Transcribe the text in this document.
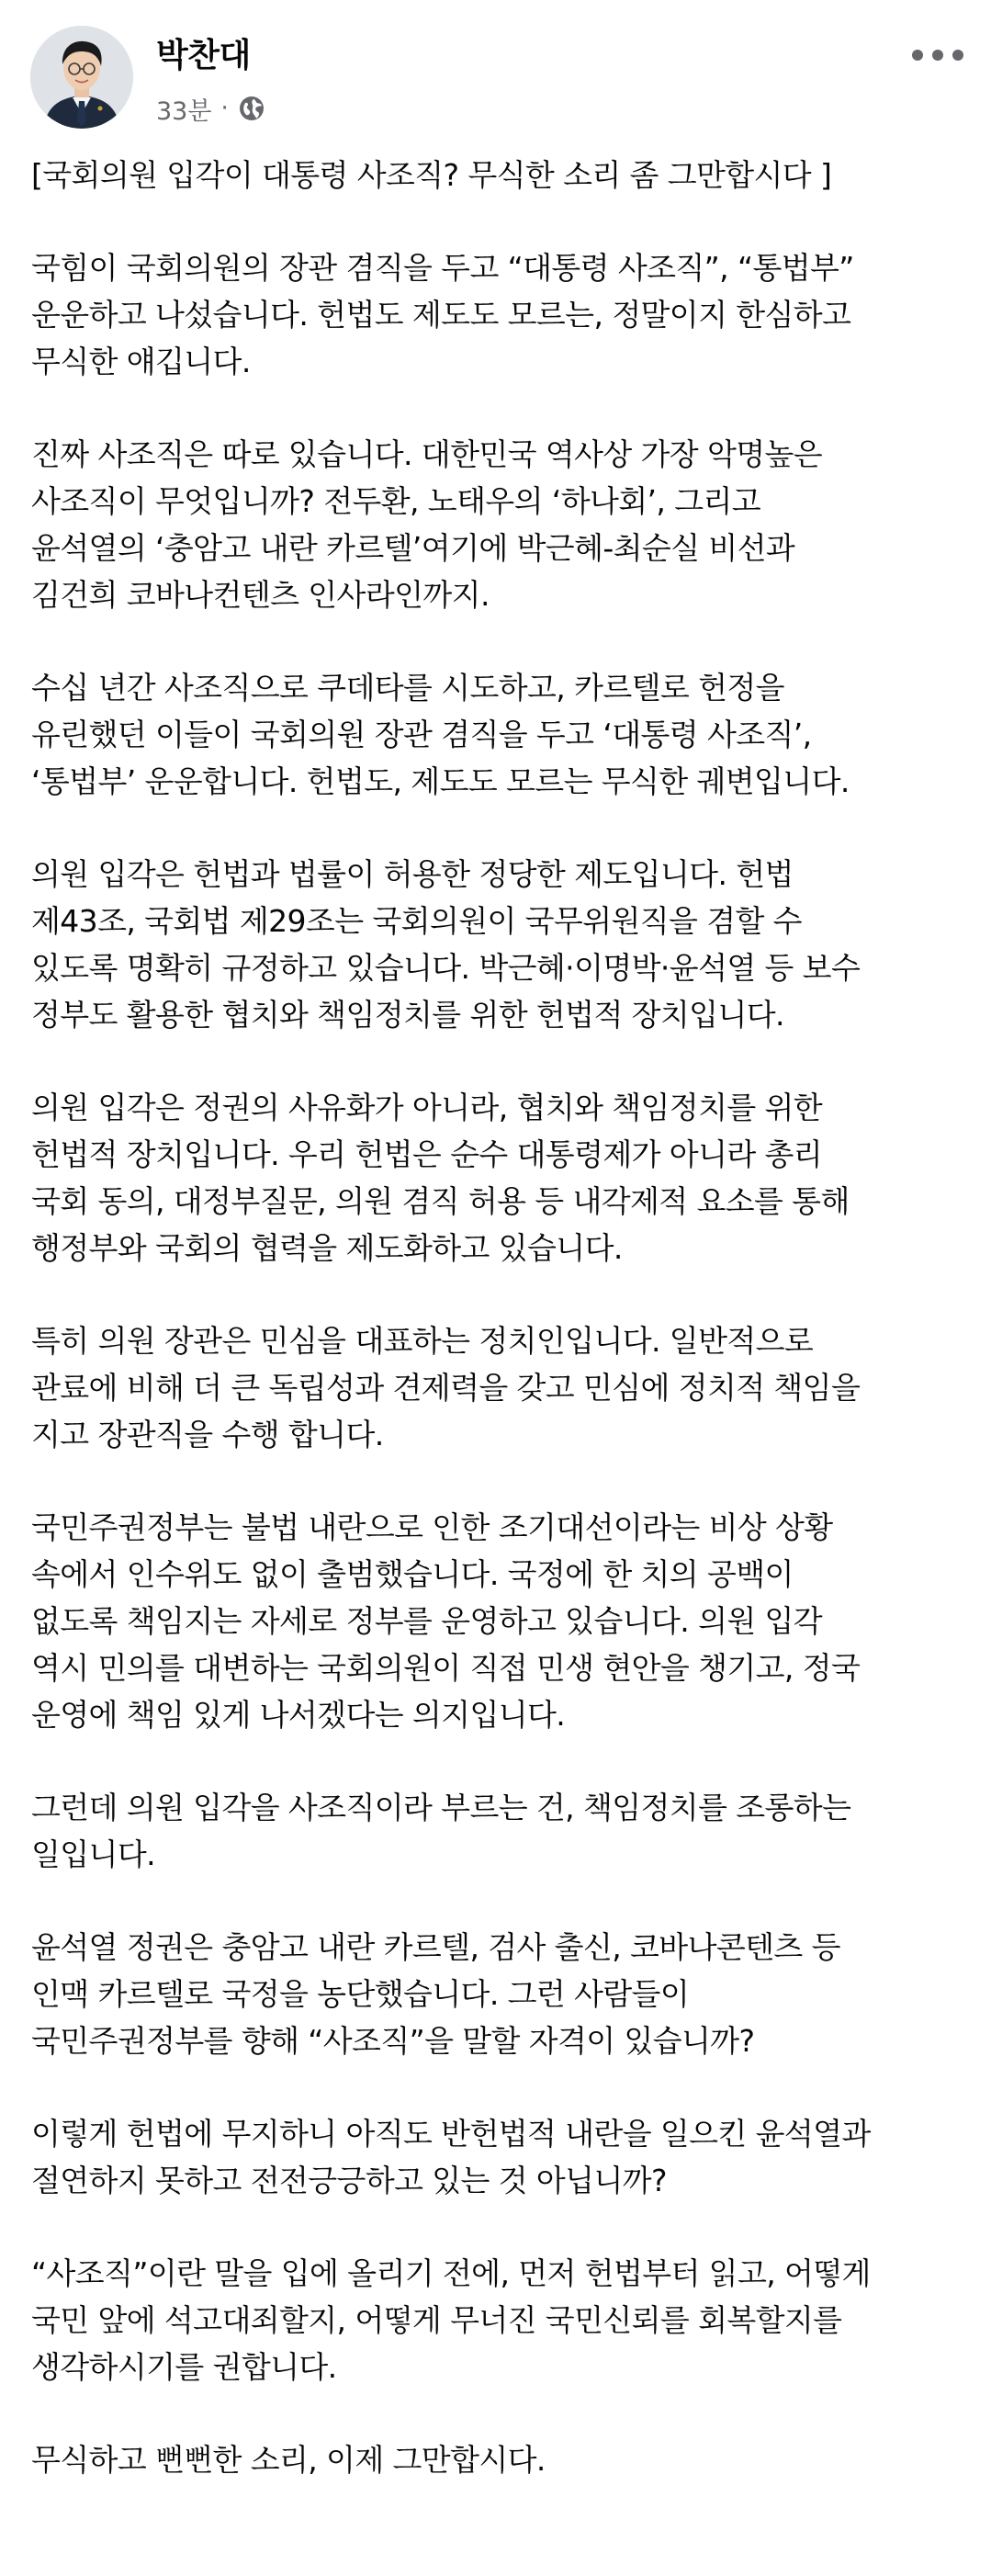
박찬대
33분 ·

[국회의원 입각이 대통령 사조직? 무식한 소리 좀 그만합시다 ]

국힘이 국회의원의 장관 겸직을 두고 “대통령 사조직”, “통법부”
운운하고 나섰습니다. 헌법도 제도도 모르는, 정말이지 한심하고
무식한 얘깁니다.

진짜 사조직은 따로 있습니다. 대한민국 역사상 가장 악명높은
사조직이 무엇입니까? 전두환, 노태우의 ‘하나회’, 그리고
윤석열의 ‘충암고 내란 카르텔’여기에 박근혜-최순실 비선과
김건희 코바나컨텐츠 인사라인까지.

수십 년간 사조직으로 쿠데타를 시도하고, 카르텔로 헌정을
유린했던 이들이 국회의원 장관 겸직을 두고 ‘대통령 사조직’,
‘통법부’ 운운합니다. 헌법도, 제도도 모르는 무식한 궤변입니다.

의원 입각은 헌법과 법률이 허용한 정당한 제도입니다. 헌법
제43조, 국회법 제29조는 국회의원이 국무위원직을 겸할 수
있도록 명확히 규정하고 있습니다. 박근혜·이명박·윤석열 등 보수
정부도 활용한 협치와 책임정치를 위한 헌법적 장치입니다.

의원 입각은 정권의 사유화가 아니라, 협치와 책임정치를 위한
헌법적 장치입니다. 우리 헌법은 순수 대통령제가 아니라 총리
국회 동의, 대정부질문, 의원 겸직 허용 등 내각제적 요소를 통해
행정부와 국회의 협력을 제도화하고 있습니다.

특히 의원 장관은 민심을 대표하는 정치인입니다. 일반적으로
관료에 비해 더 큰 독립성과 견제력을 갖고 민심에 정치적 책임을
지고 장관직을 수행 합니다.

국민주권정부는 불법 내란으로 인한 조기대선이라는 비상 상황
속에서 인수위도 없이 출범했습니다. 국정에 한 치의 공백이
없도록 책임지는 자세로 정부를 운영하고 있습니다. 의원 입각
역시 민의를 대변하는 국회의원이 직접 민생 현안을 챙기고, 정국
운영에 책임 있게 나서겠다는 의지입니다.

그런데 의원 입각을 사조직이라 부르는 건, 책임정치를 조롱하는
일입니다.

윤석열 정권은 충암고 내란 카르텔, 검사 출신, 코바나콘텐츠 등
인맥 카르텔로 국정을 농단했습니다. 그런 사람들이
국민주권정부를 향해 “사조직”을 말할 자격이 있습니까?

이렇게 헌법에 무지하니 아직도 반헌법적 내란을 일으킨 윤석열과
절연하지 못하고 전전긍긍하고 있는 것 아닙니까?

“사조직”이란 말을 입에 올리기 전에, 먼저 헌법부터 읽고, 어떻게
국민 앞에 석고대죄할지, 어떻게 무너진 국민신뢰를 회복할지를
생각하시기를 권합니다.

무식하고 뻔뻔한 소리, 이제 그만합시다.
